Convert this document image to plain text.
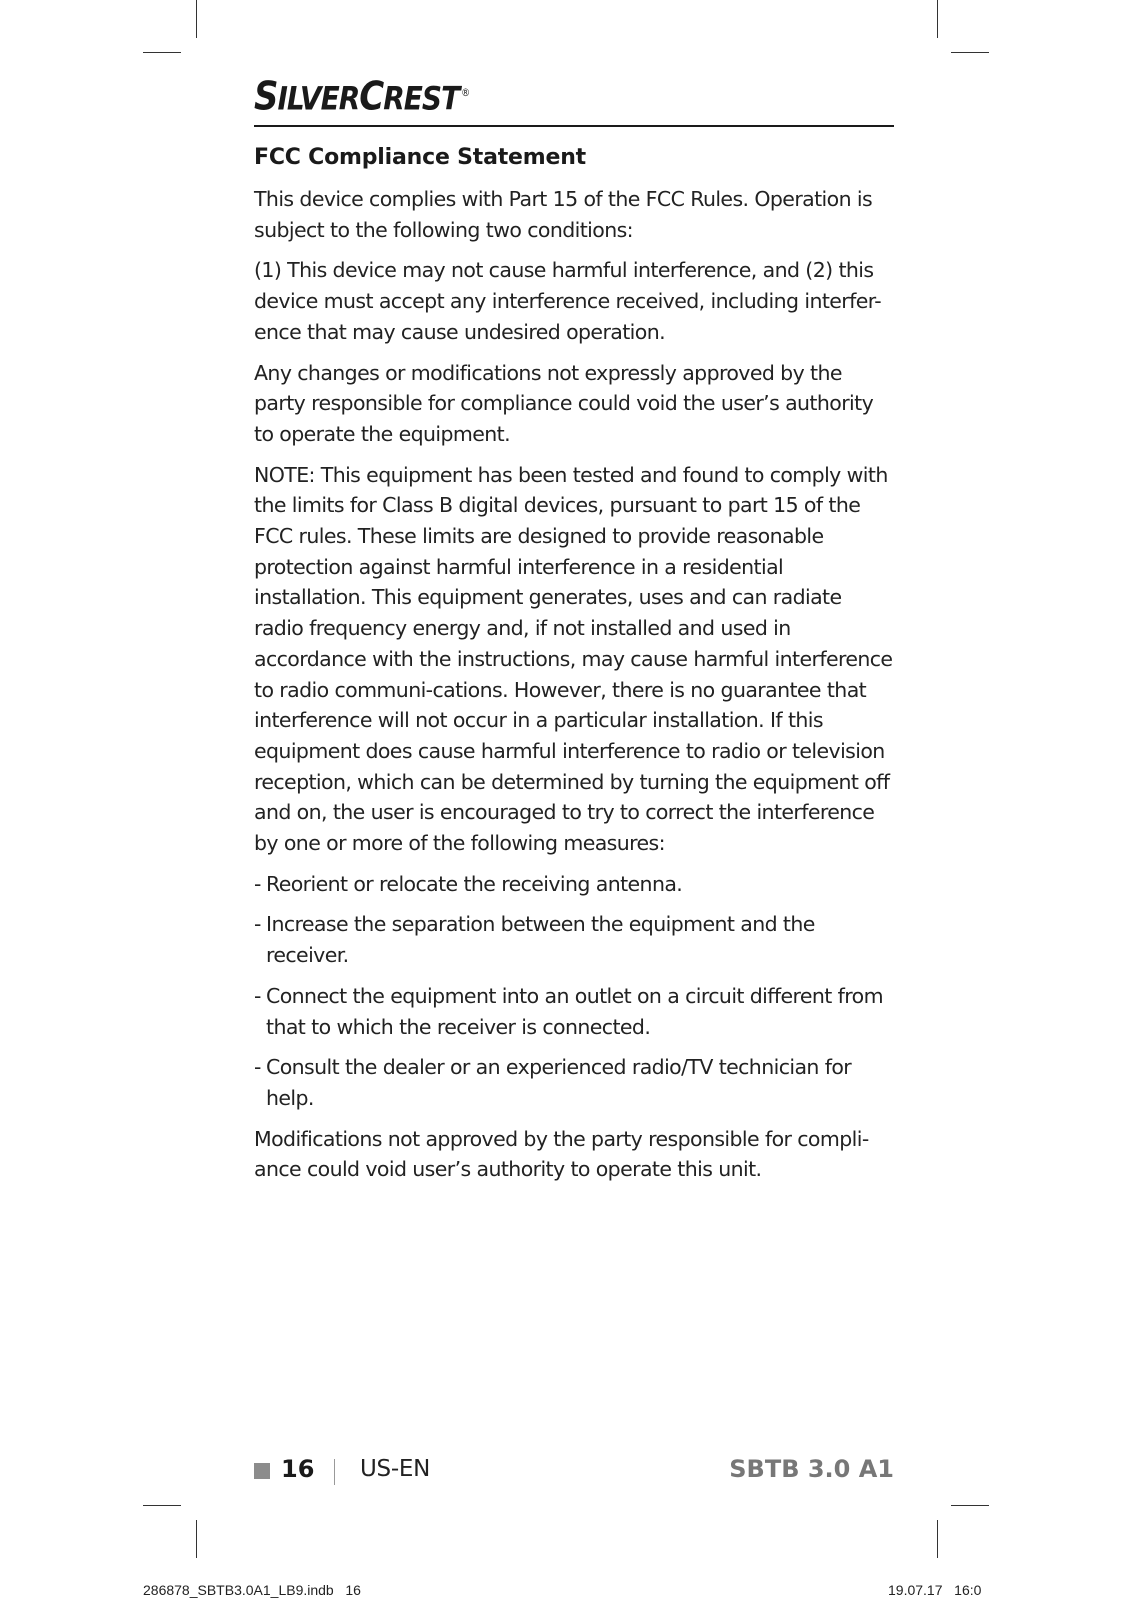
SILVERCREST ®
FCC Compliance Statement

This device complies with Part 15 of the FCC Rules. Operation is subject to the following two conditions:

(1) This device may not cause harmful interference, and (2) this device must accept any interference received, including interfer-ence that may cause undesired operation.

Any changes or modifications not expressly approved by the party responsible for compliance could void the user’s authority to operate the equipment.

NOTE: This equipment has been tested and found to comply with the limits for Class B digital devices, pursuant to part 15 of the FCC rules. These limits are designed to provide reasonable protection against harmful interference in a residential installation. This equipment generates, uses and can radiate radio frequency energy and, if not installed and used in accordance with the instructions, may cause harmful interference to radio communi-cations. However, there is no guarantee that interference will not occur in a particular installation. If this equipment does cause harmful interference to radio or television reception, which can be determined by turning the equipment off and on, the user is encouraged to try to correct the interference by one or more of the following measures:

- Reorient or relocate the receiving antenna.
- Increase the separation between the equipment and the receiver.
- Connect the equipment into an outlet on a circuit different from that to which the receiver is connected.
- Consult the dealer or an experienced radio/TV technician for help.

Modifications not approved by the party responsible for compli-ance could void user’s authority to operate this unit.

16 US-EN	SBTB 3.0 A1
286878_SBTB3.0A1_LB9.indb   16	19.07.17   16:0
